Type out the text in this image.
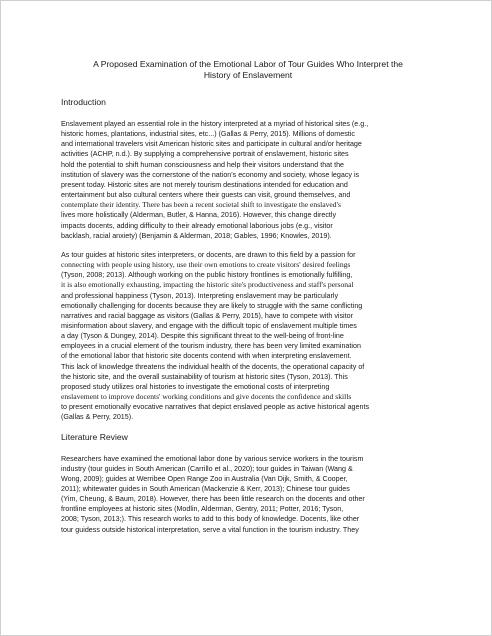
A Proposed Examination of the Emotional Labor of Tour Guides Who Interpret the
History of Enslavement
Introduction
Enslavement played an essential role in the history interpreted at a myriad of historical sites (e.g.,
historic homes, plantations, industrial sites, etc...) (Gallas & Perry, 2015). Millions of domestic
and international travelers visit American historic sites and participate in cultural and/or heritage
activities (ACHP, n.d.). By supplying a comprehensive portrait of enslavement, historic sites
hold the potential to shift human consciousness and help their visitors understand that the
institution of slavery was the cornerstone of the nation's economy and society, whose legacy is
present today. Historic sites are not merely tourism destinations intended for education and
entertainment but also cultural centers where their guests can visit, ground themselves, and
contemplate their identity. There has been a recent societal shift to investigate the enslaved's
lives more holistically (Alderman, Butler, & Hanna, 2016). However, this change directly
impacts docents, adding difficulty to their already emotional laborious jobs (e.g., visitor
backlash, racial anxiety) (Benjamin & Alderman, 2018; Gables, 1996; Knowles, 2019).
As tour guides at historic sites interpreters, or docents, are drawn to this field by a passion for
connecting with people using history, use their own emotions to create visitors' desired feelings
(Tyson, 2008; 2013). Although working on the public history frontlines is emotionally fulfilling,
it is also emotionally exhausting, impacting the historic site's productiveness and staff's personal
and professional happiness (Tyson, 2013). Interpreting enslavement may be particularly
emotionally challenging for docents because they are likely to struggle with the same conflicting
narratives and racial baggage as visitors (Gallas & Perry, 2015), have to compete with visitor
misinformation about slavery, and engage with the difficult topic of enslavement multiple times
a day (Tyson & Dungey, 2014). Despite this significant threat to the well-being of front-line
employees in a crucial element of the tourism industry, there has been very limited examination
of the emotional labor that historic site docents contend with when interpreting enslavement.
This lack of knowledge threatens the individual health of the docents, the operational capacity of
the historic site, and the overall sustainability of tourism at historic sites (Tyson, 2013). This
proposed study utilizes oral histories to investigate the emotional costs of interpreting
enslavement to improve docents' working conditions and give docents the confidence and skills
to present emotionally evocative narratives that depict enslaved people as active historical agents
(Gallas & Perry, 2015).
Literature Review
Researchers have examined the emotional labor done by various service workers in the tourism
industry (tour guides in South American (Carrillo et al., 2020); tour guides in Taiwan (Wang &
Wong, 2009); guides at Werribee Open Range Zoo in Australia (Van Dijk, Smith, & Cooper,
2011); whitewater guides in South American (Mackenzie & Kerr, 2013); Chinese tour guides
(Yim, Cheung, & Baum, 2018). However, there has been little research on the docents and other
frontline employees at historic sites (Modlin, Alderman, Gentry, 2011; Potter, 2016; Tyson,
2008; Tyson, 2013;). This research works to add to this body of knowledge. Docents, like other
tour guidess outside historical interpretation, serve a vital function in the tourism industry. They
